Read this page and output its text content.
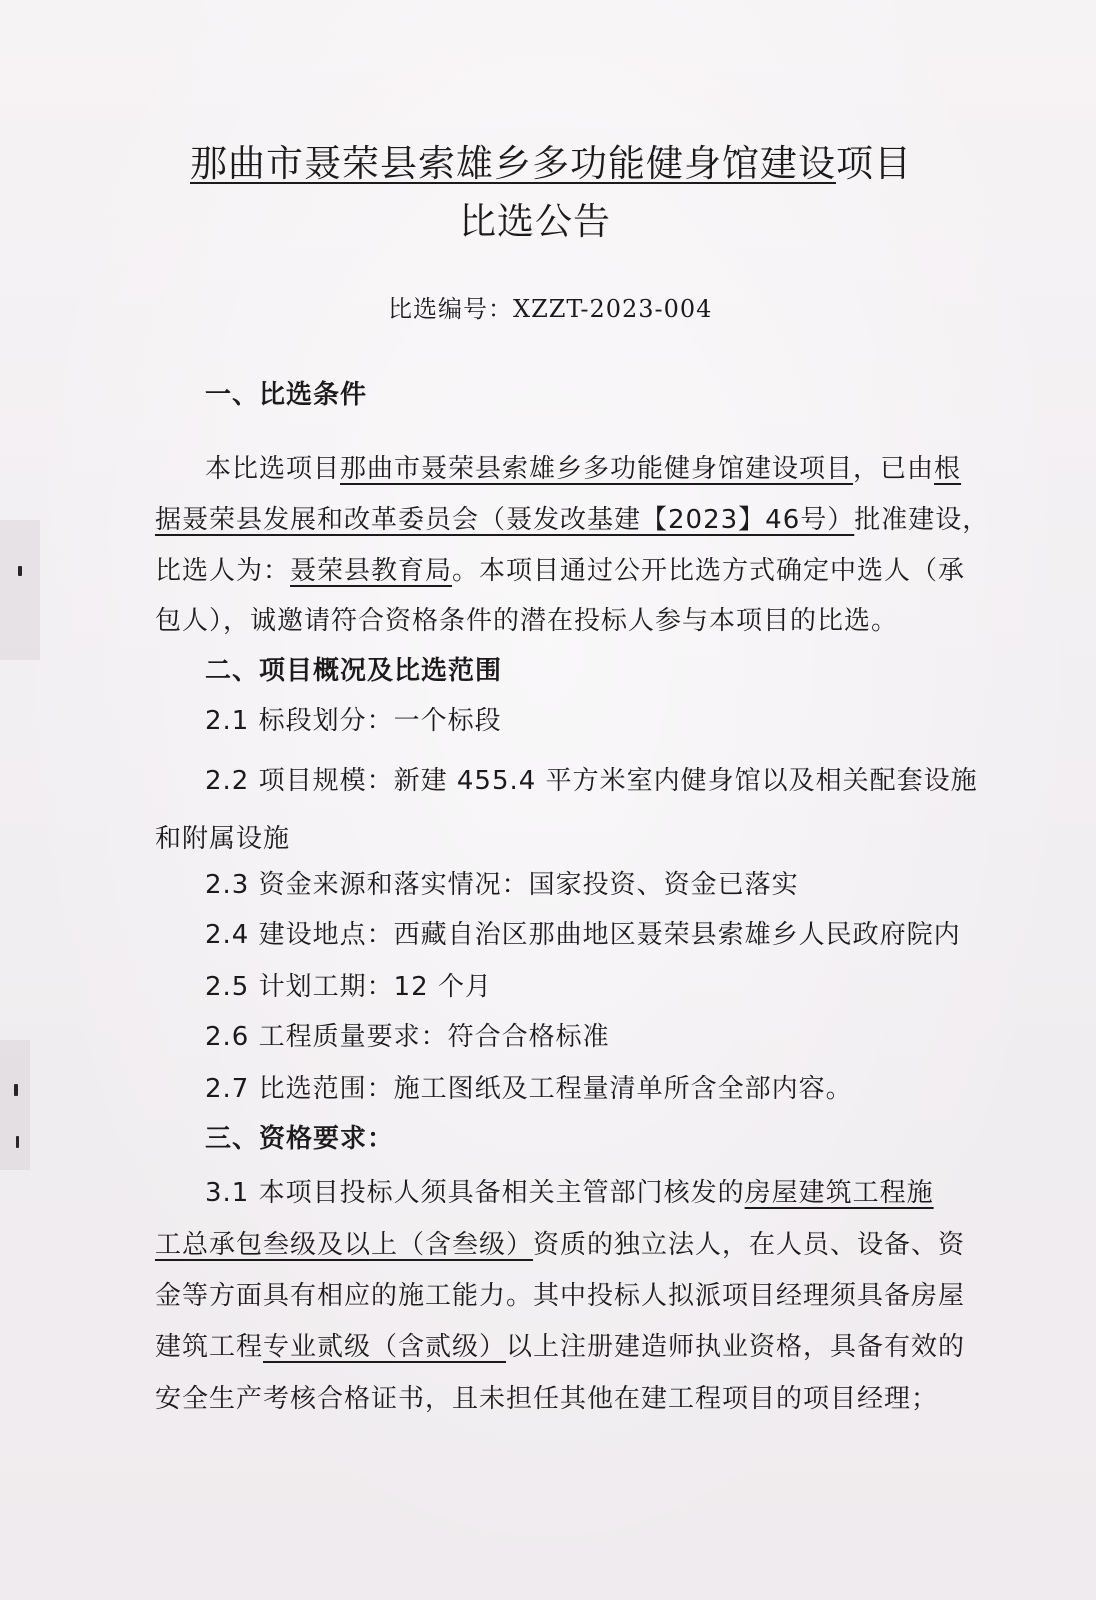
那曲市聂荣县索雄乡多功能健身馆建设项目
比选公告
比选编号：XZZT-2023-004
一、比选条件
本比选项目那曲市聂荣县索雄乡多功能健身馆建设项目，已由根
据聂荣县发展和改革委员会（聂发改基建【2023】46号）批准建设，
比选人为：聂荣县教育局。本项目通过公开比选方式确定中选人（承
包人），诚邀请符合资格条件的潜在投标人参与本项目的比选。
二、项目概况及比选范围
2.1 标段划分：一个标段
2.2 项目规模：新建 455.4 平方米室内健身馆以及相关配套设施
和附属设施
2.3 资金来源和落实情况：国家投资、资金已落实
2.4 建设地点：西藏自治区那曲地区聂荣县索雄乡人民政府院内
2.5 计划工期：12 个月
2.6 工程质量要求：符合合格标准
2.7 比选范围：施工图纸及工程量清单所含全部内容。
三、资格要求：
3.1 本项目投标人须具备相关主管部门核发的房屋建筑工程施
工总承包叁级及以上（含叁级）资质的独立法人，在人员、设备、资
金等方面具有相应的施工能力。其中投标人拟派项目经理须具备房屋
建筑工程专业贰级（含贰级）以上注册建造师执业资格，具备有效的
安全生产考核合格证书，且未担任其他在建工程项目的项目经理；
